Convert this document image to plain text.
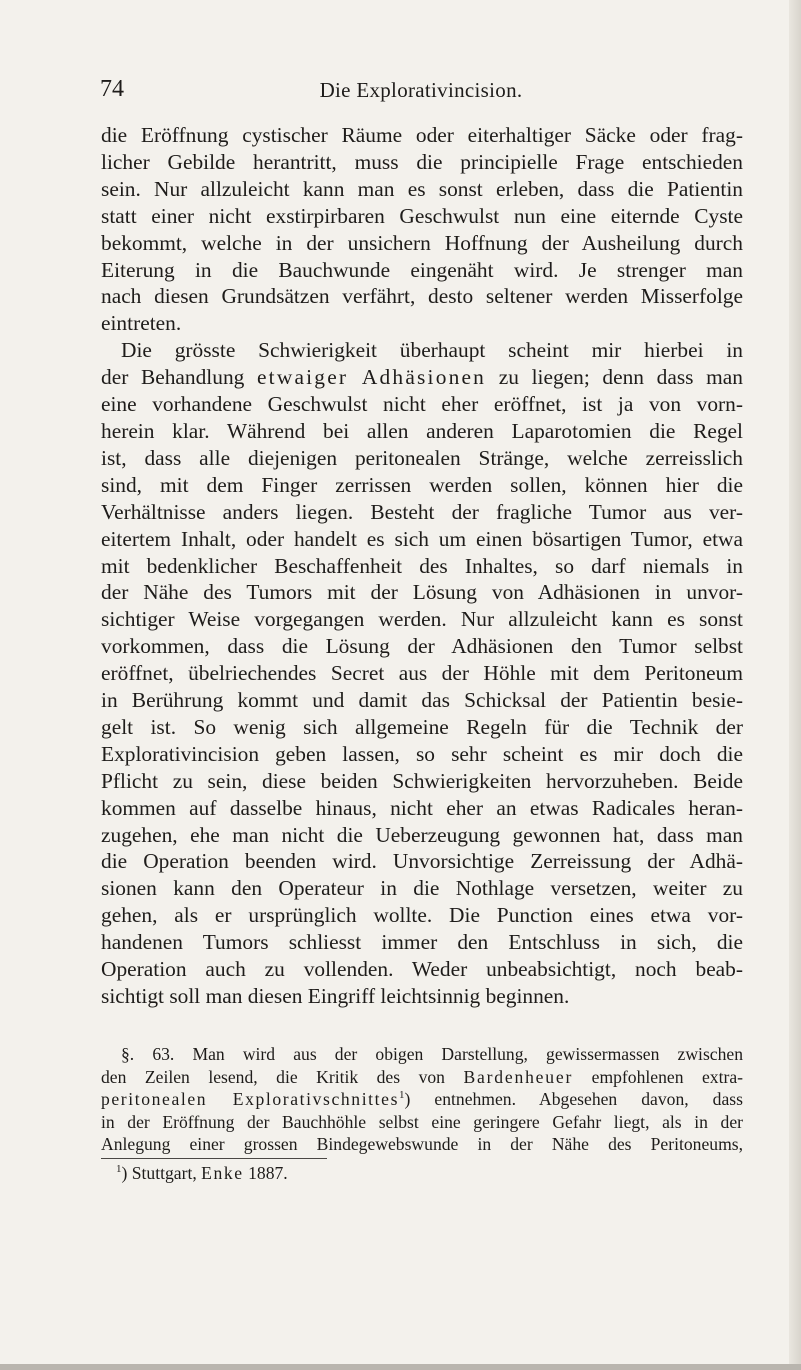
74	Die Explorativincision.
die Eröffnung cystischer Räume oder eiterhaltiger Säcke oder frag-
licher Gebilde herantritt, muss die principielle Frage entschieden
sein. Nur allzuleicht kann man es sonst erleben, dass die Patientin
statt einer nicht exstirpirbaren Geschwulst nun eine eiternde Cyste
bekommt, welche in der unsichern Hoffnung der Ausheilung durch
Eiterung in die Bauchwunde eingenäht wird. Je strenger man
nach diesen Grundsätzen verfährt, desto seltener werden Misserfolge
eintreten.
Die grösste Schwierigkeit überhaupt scheint mir hierbei in
der Behandlung etwaiger Adhäsionen zu liegen; denn dass man
eine vorhandene Geschwulst nicht eher eröffnet, ist ja von vorn-
herein klar. Während bei allen anderen Laparotomien die Regel
ist, dass alle diejenigen peritonealen Stränge, welche zerreisslich
sind, mit dem Finger zerrissen werden sollen, können hier die
Verhältnisse anders liegen. Besteht der fragliche Tumor aus ver-
eitertem Inhalt, oder handelt es sich um einen bösartigen Tumor, etwa
mit bedenklicher Beschaffenheit des Inhaltes, so darf niemals in
der Nähe des Tumors mit der Lösung von Adhäsionen in unvor-
sichtiger Weise vorgegangen werden. Nur allzuleicht kann es sonst
vorkommen, dass die Lösung der Adhäsionen den Tumor selbst
eröffnet, übelriechendes Secret aus der Höhle mit dem Peritoneum
in Berührung kommt und damit das Schicksal der Patientin besie-
gelt ist. So wenig sich allgemeine Regeln für die Technik der
Explorativincision geben lassen, so sehr scheint es mir doch die
Pflicht zu sein, diese beiden Schwierigkeiten hervorzuheben. Beide
kommen auf dasselbe hinaus, nicht eher an etwas Radicales heran-
zugehen, ehe man nicht die Ueberzeugung gewonnen hat, dass man
die Operation beenden wird. Unvorsichtige Zerreissung der Adhä-
sionen kann den Operateur in die Nothlage versetzen, weiter zu
gehen, als er ursprünglich wollte. Die Punction eines etwa vor-
handenen Tumors schliesst immer den Entschluss in sich, die
Operation auch zu vollenden. Weder unbeabsichtigt, noch beab-
sichtigt soll man diesen Eingriff leichtsinnig beginnen.
§. 63. Man wird aus der obigen Darstellung, gewissermassen zwischen
den Zeilen lesend, die Kritik des von Bardenheuer empfohlenen extra-
peritonealen Explorativschnittes$^1$) entnehmen. Abgesehen davon, dass
in der Eröffnung der Bauchhöhle selbst eine geringere Gefahr liegt, als in der
Anlegung einer grossen Bindegewebswunde in der Nähe des Peritoneums,
$^1$) Stuttgart, Enke 1887.
